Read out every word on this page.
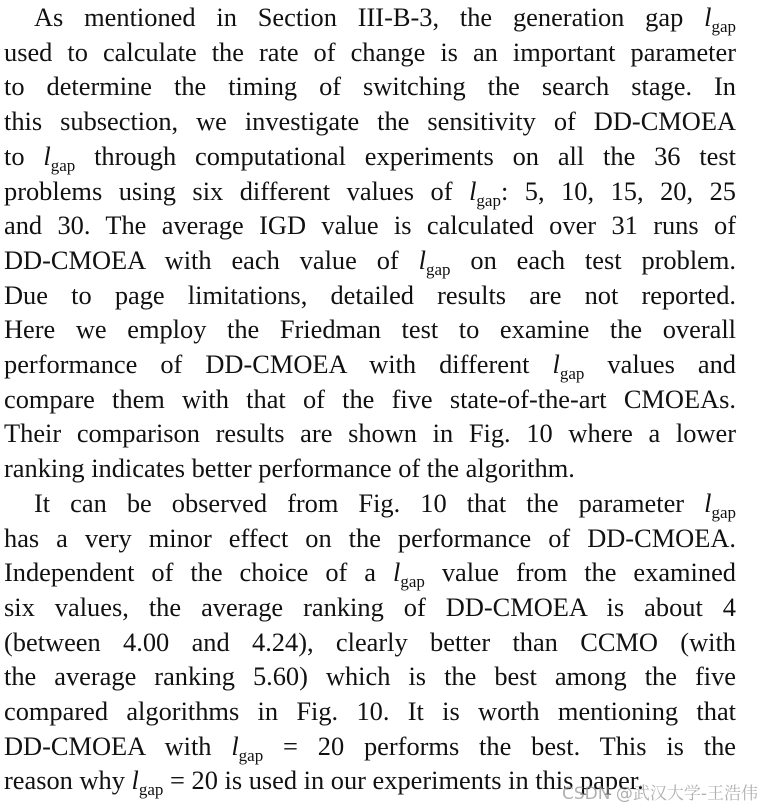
As mentioned in Section III-B-3, the generation gap $l_{gap}$
used to calculate the rate of change is an important parameter
to determine the timing of switching the search stage. In
this subsection, we investigate the sensitivity of DD-CMOEA
to $l_{gap}$ through computational experiments on all the 36 test
problems using six different values of $l_{gap}$: 5, 10, 15, 20, 25
and 30. The average IGD value is calculated over 31 runs of
DD-CMOEA with each value of $l_{gap}$ on each test problem.
Due to page limitations, detailed results are not reported.
Here we employ the Friedman test to examine the overall
performance of DD-CMOEA with different $l_{gap}$ values and
compare them with that of the five state-of-the-art CMOEAs.
Their comparison results are shown in Fig. 10 where a lower
ranking indicates better performance of the algorithm.

It can be observed from Fig. 10 that the parameter $l_{gap}$
has a very minor effect on the performance of DD-CMOEA.
Independent of the choice of a $l_{gap}$ value from the examined
six values, the average ranking of DD-CMOEA is about 4
(between 4.00 and 4.24), clearly better than CCMO (with
the average ranking 5.60) which is the best among the five
compared algorithms in Fig. 10. It is worth mentioning that
DD-CMOEA with $l_{gap} = 20$ performs the best. This is the
reason why $l_{gap} = 20$ is used in our experiments in this paper.

CSDN @武汉大学-王浩伟
